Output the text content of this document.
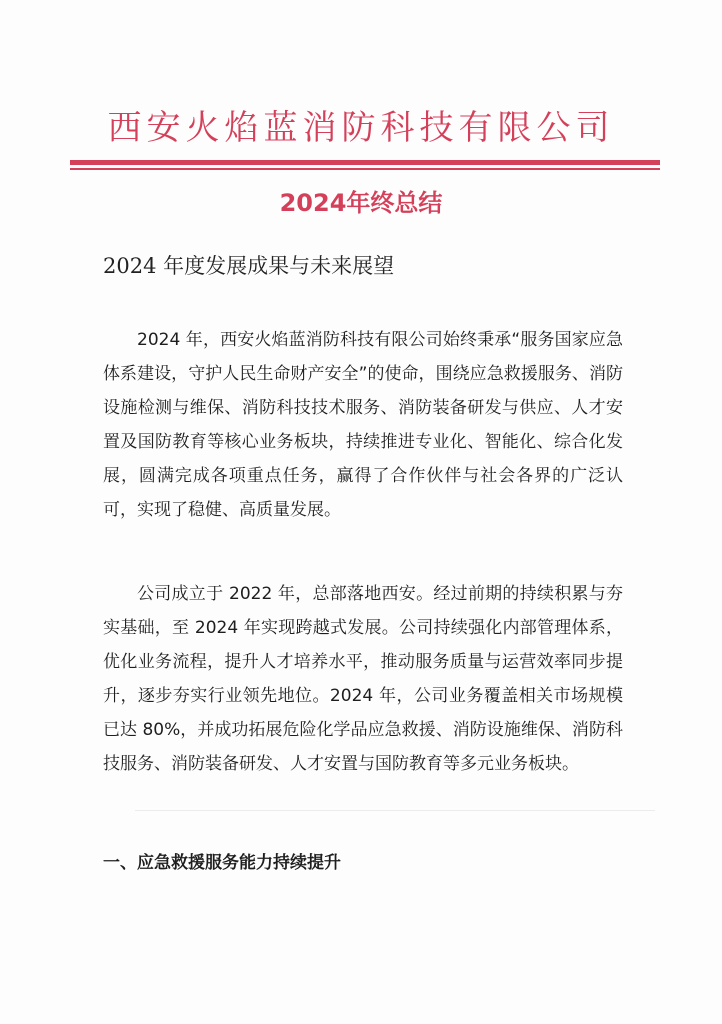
西安火焰蓝消防科技有限公司
2024年终总结
2024 年度发展成果与未来展望

2024 年，西安火焰蓝消防科技有限公司始终秉承“服务国家应急体系建设，守护人民生命财产安全”的使命，围绕应急救援服务、消防设施检测与维保、消防科技技术服务、消防装备研发与供应、人才安置及国防教育等核心业务板块，持续推进专业化、智能化、综合化发展，圆满完成各项重点任务，赢得了合作伙伴与社会各界的广泛认可，实现了稳健、高质量发展。

公司成立于 2022 年，总部落地西安。经过前期的持续积累与夯实基础，至 2024 年实现跨越式发展。公司持续强化内部管理体系，优化业务流程，提升人才培养水平，推动服务质量与运营效率同步提升，逐步夯实行业领先地位。2024 年，公司业务覆盖相关市场规模已达 80%，并成功拓展危险化学品应急救援、消防设施维保、消防科技服务、消防装备研发、人才安置与国防教育等多元业务板块。

一、应急救援服务能力持续提升
